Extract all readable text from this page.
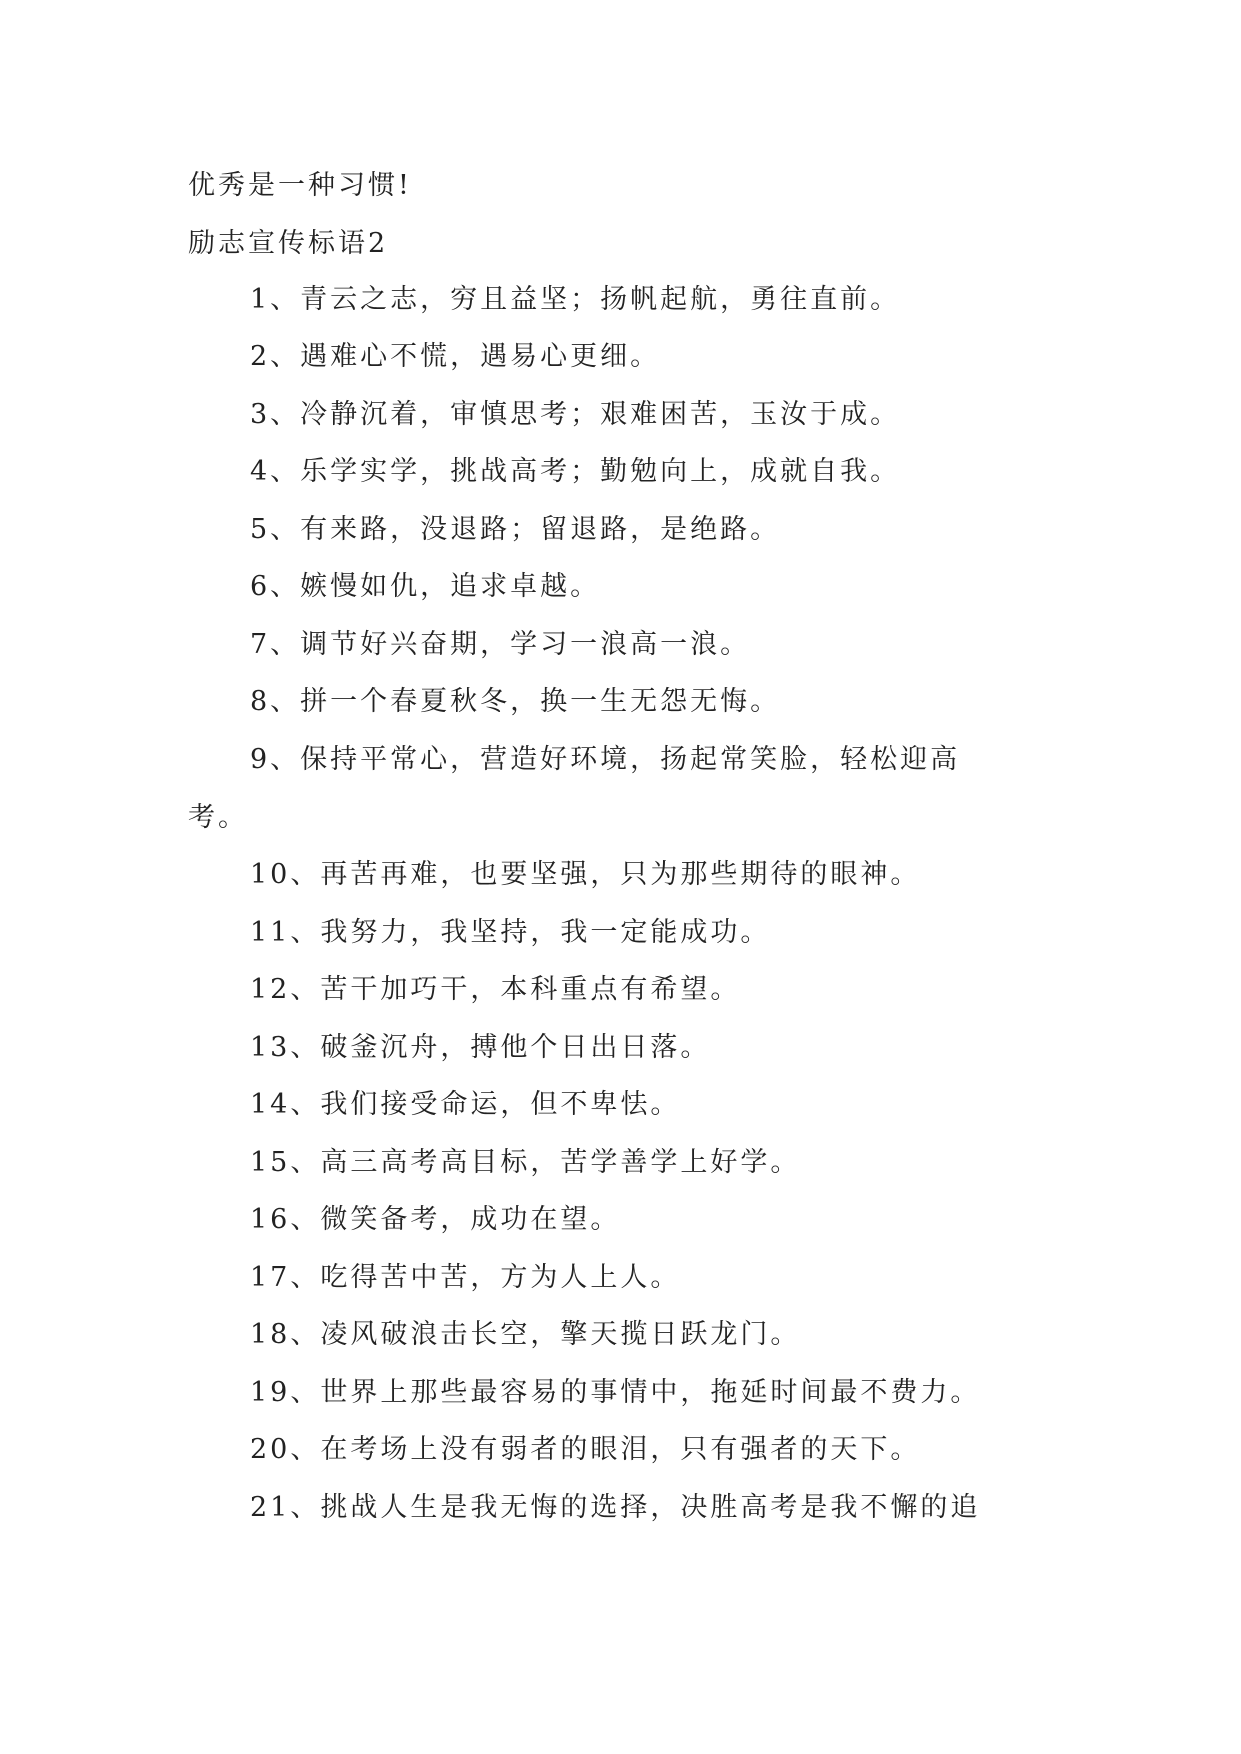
优秀是一种习惯!
励志宣传标语2
1、青云之志，穷且益坚；扬帆起航，勇往直前。
2、遇难心不慌，遇易心更细。
3、冷静沉着，审慎思考；艰难困苦，玉汝于成。
4、乐学实学，挑战高考；勤勉向上，成就自我。
5、有来路，没退路；留退路，是绝路。
6、嫉慢如仇，追求卓越。
7、调节好兴奋期，学习一浪高一浪。
8、拼一个春夏秋冬，换一生无怨无悔。
9、保持平常心，营造好环境，扬起常笑脸，轻松迎高
考。
10、再苦再难，也要坚强，只为那些期待的眼神。
11、我努力，我坚持，我一定能成功。
12、苦干加巧干，本科重点有希望。
13、破釜沉舟，搏他个日出日落。
14、我们接受命运，但不卑怯。
15、高三高考高目标，苦学善学上好学。
16、微笑备考，成功在望。
17、吃得苦中苦，方为人上人。
18、凌风破浪击长空，擎天揽日跃龙门。
19、世界上那些最容易的事情中，拖延时间最不费力。
20、在考场上没有弱者的眼泪，只有强者的天下。
21、挑战人生是我无悔的选择，决胜高考是我不懈的追
